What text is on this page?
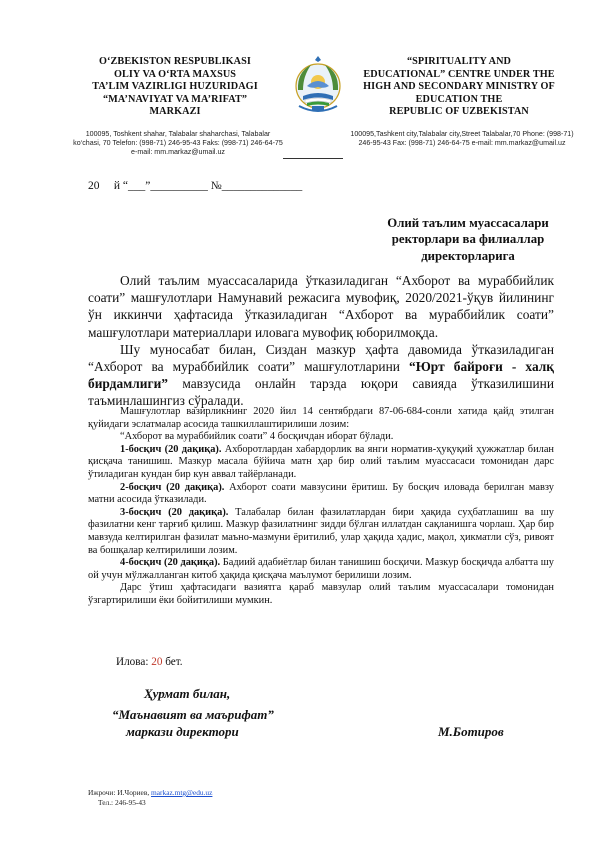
O‘ZBEKISTON RESPUBLIKASI
OLIY VA O‘RTA MAXSUS
TA’LIM VAZIRLIGI HUZURIDAGI
“MA’NAVIYAT VA MA’RIFAT”
MARKAZI
“SPIRITUALITY AND
EDUCATIONAL” CENTRE UNDER THE
HIGH AND SECONDARY MINISTRY OF
EDUCATION THE
REPUBLIC OF UZBEKISTAN
100095, Toshkent shahar, Talabalar shaharchasi, Talabalar ko‘chasi, 70 Telefon: (998-71) 246-95-43 Faks: (998-71) 246-64-75 e-mail: mm.markaz@umail.uz
100095,Tashkent city,Talabalar city,Street Talabalar,70 Phone: (998-71) 246-95-43 Fax: (998-71) 246-64-75 e-mail: mm.markaz@umail.uz
20 й “___”__________ №______________
Олий таълим муассасалари
ректорлари ва филиаллар
директорларига

Олий таълим муассасаларида ўтказиладиган “Ахборот ва мураббийлик соати” машғулотлари Намунавий режасига мувофиқ, 2020/2021-ўқув йилининг ўн иккинчи ҳафтасида ўтказиладиган “Ахборот ва мураббийлик соати” машғулотлари материаллари иловага мувофиқ юборилмоқда.

Шу муносабат билан, Сиздан мазкур ҳафта давомида ўтказиладиган “Ахборот ва мураббийлик соати” машғулотларини “Юрт байроғи - халқ бирдамлиги” мавзусида онлайн тарзда юқори савияда ўтказилишини таъминлашингиз сўралади.

Машғулотлар вазирликнинг 2020 йил 14 сентябрдаги 87-06-684-сонли хатида қайд этилган қуйидаги эслатмалар асосида ташкиллаштирилиши лозим:

“Ахборот ва мураббийлик соати” 4 босқичдан иборат бўлади.

1-босқич (20 дақиқа). Ахборотлардан хабардорлик ва янги норматив-ҳуқуқий ҳужжатлар билан қисқача танишиш. Мазкур масала бўйича матн ҳар бир олий таълим муассасаси томонидан дарс ўтиладиган кундан бир кун аввал тайёрланади.

2-босқич (20 дақиқа). Ахборот соати мавзусини ёритиш. Бу босқич иловада берилган мавзу матни асосида ўтказилади.

3-босқич (20 дақиқа). Талабалар билан фазилатлардан бири ҳақида суҳбатлашиш ва шу фазилатни кенг тарғиб қилиш. Мазкур фазилатнинг зидди бўлган иллатдан сақланишга чорлаш. Ҳар бир мавзуда келтирилган фазилат маъно-мазмуни ёритилиб, улар ҳақида ҳадис, мақол, ҳикматли сўз, ривоят ва бошқалар келтирилиши лозим.

4-босқич (20 дақиқа). Бадиий адабиётлар билан танишиш босқичи. Мазкур босқичда албатта шу ой учун мўлжалланган китоб ҳақида қисқача маълумот берилиши лозим.

Дарс ўтиш ҳафтасидаги вазиятга қараб мавзулар олий таълим муассасалари томонидан ўзгартирилиши ёки бойитилиши мумкин.

Илова: 20 бет.
Ҳурмат билан,
“Маънавият ва маърифат”
маркази директори	М.Ботиров
Ижрочи: И.Чориев, markaz.mtg@edu.uz
Тел.: 246-95-43
